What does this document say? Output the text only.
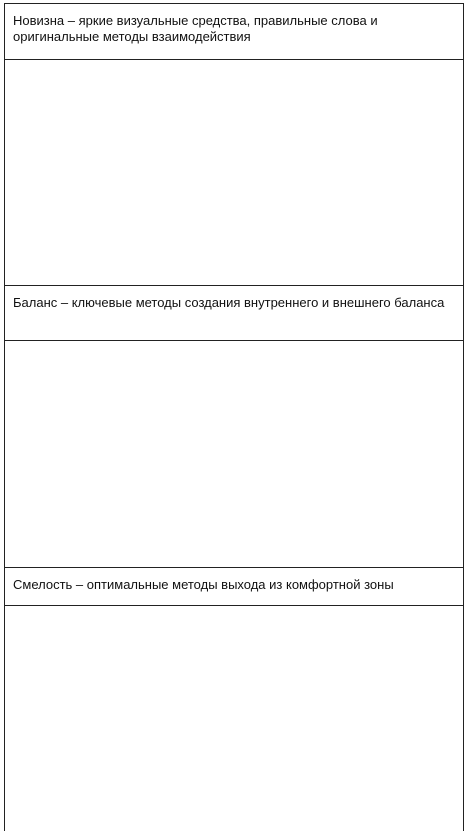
Новизна – яркие визуальные средства, правильные слова и оригинальные методы взаимодействия
Баланс – ключевые методы создания внутреннего и внешнего баланса
Смелость – оптимальные методы выхода из комфортной зоны
